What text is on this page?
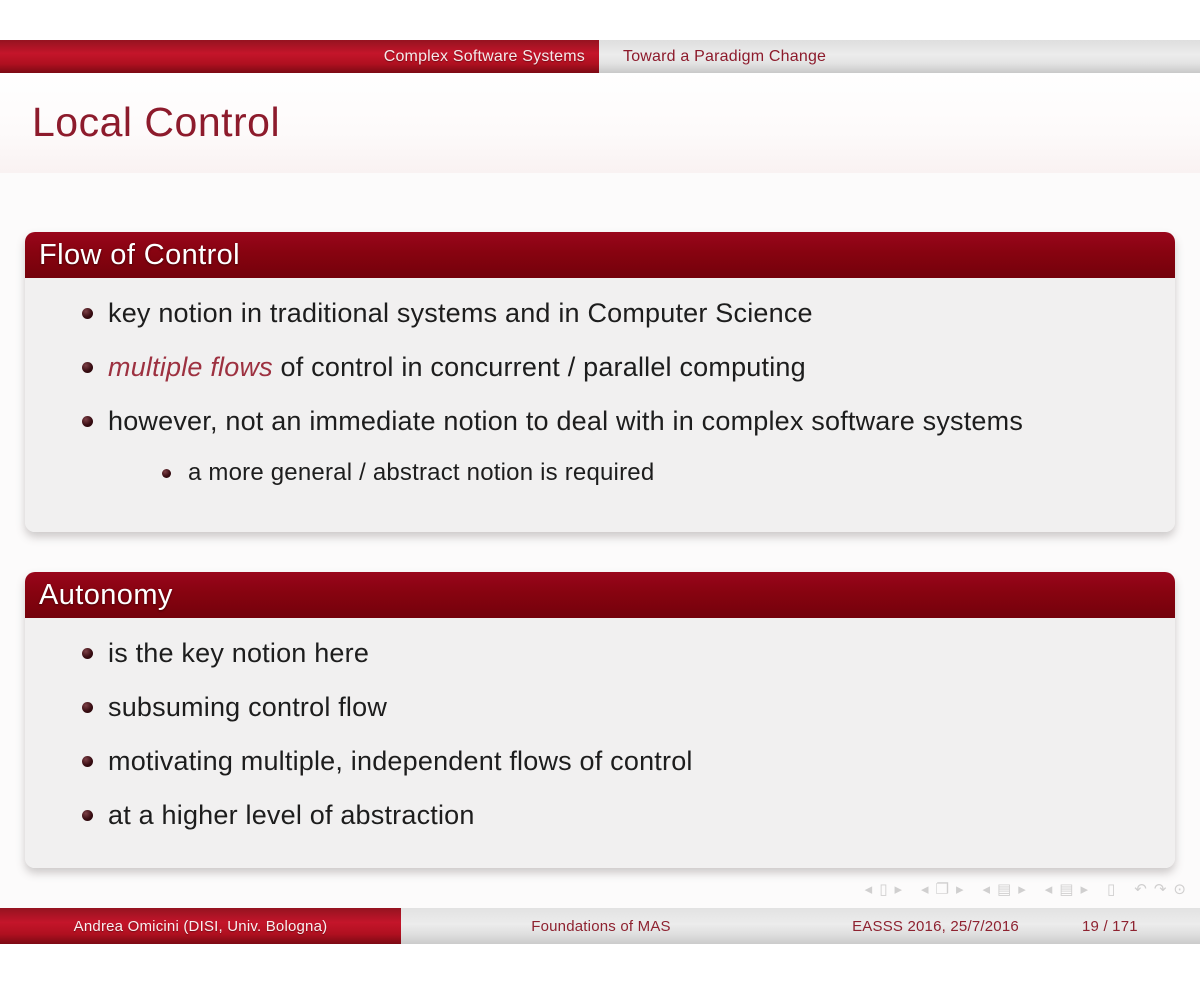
Complex Software Systems Toward a Paradigm Change
Local Control
Flow of Control
key notion in traditional systems and in Computer Science
multiple flows of control in concurrent / parallel computing
however, not an immediate notion to deal with in complex software systems
a more general / abstract notion is required
Autonomy
is the key notion here
subsuming control flow
motivating multiple, independent flows of control
at a higher level of abstraction
◂ ▯ ▸ ◂ ❐ ▸ ◂ ▤ ▸ ◂ ▤ ▸ ▯ ↶ ↷ ⊙
Andrea Omicini (DISI, Univ. Bologna)	Foundations of MAS	EASSS 2016, 25/7/2016	19 / 171
